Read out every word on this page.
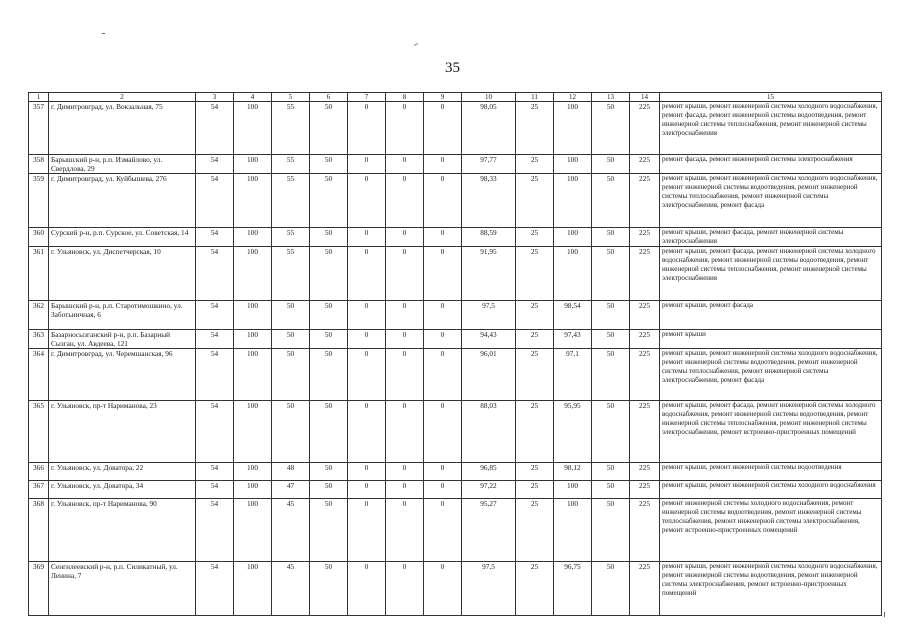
35
1	2	3	4	5	6	7	8	9	10	11	12	13	14	15
357	г. Димитровград, ул. Вокзальная, 75	54	100	55	50	0	0	0	98,05	25	100	50	225	ремонт крыши, ремонт инженерной системы холодного водоснабжения, ремонт фасада, ремонт инженерной системы водоотведения, ремонт инженерной системы теплоснабжения, ремонт инженерной системы электроснабжения
358	Барышский р-н, р.п. Измайлово, ул. Свердлова, 29	54	100	55	50	0	0	0	97,77	25	100	50	225	ремонт фасада, ремонт инженерной системы электроснабжения
359	г. Димитровград, ул. Куйбышева, 276	54	100	55	50	0	0	0	98,33	25	100	50	225	ремонт крыши, ремонт инженерной системы холодного водоснабжения, ремонт инженерной системы водоотведения, ремонт инженерной системы теплоснабжения, ремонт инженерной системы электроснабжения, ремонт фасада
360	Сурский р-н, р.п. Сурское, ул. Советская, 14	54	100	55	50	0	0	0	88,59	25	100	50	225	ремонт крыши, ремонт фасада, ремонт инженерной системы электроснабжения
361	г. Ульяновск, ул. Диспетчерская, 10	54	100	55	50	0	0	0	91,95	25	100	50	225	ремонт крыши, ремонт фасада, ремонт инженерной системы холодного водоснабжения, ремонт инженерной системы водоотведения, ремонт инженерной системы теплоснабжения, ремонт инженерной системы электроснабжения
362	Барышский р-н, р.п. Старотимошкино, ул. Заботьничная, 6	54	100	50	50	0	0	0	97,5	25	98,54	50	225	ремонт крыши, ремонт фасада
363	Базарносызганский р-н, р.п. Базарный Сызган, ул. Авдеева, 121	54	100	50	50	0	0	0	94,43	25	97,43	50	225	ремонт крыши
364	г. Димитровград, ул. Черемшанская, 96	54	100	50	50	0	0	0	96,01	25	97,1	50	225	ремонт крыши, ремонт инженерной системы холодного водоснабжения, ремонт инженерной системы водоотведения, ремонт инженерной системы теплоснабжения, ремонт инженерной системы электроснабжения, ремонт фасада
365	г. Ульяновск, пр-т Нариманова, 23	54	100	50	50	0	0	0	88,03	25	95,95	50	225	ремонт крыши, ремонт фасада, ремонт инженерной системы холодного водоснабжения, ремонт инженерной системы водоотведения, ремонт инженерной системы теплоснабжения, ремонт инженерной системы электроснабжения, ремонт встроенно-пристроенных помещений
366	г. Ульяновск, ул. Доватора, 22	54	100	48	50	0	0	0	96,85	25	98,12	50	225	ремонт крыши, ремонт инженерной системы водоотведения
367	г. Ульяновск, ул. Доватора, 34	54	100	47	50	0	0	0	97,22	25	100	50	225	ремонт крыши, ремонт инженерной системы холодного водоснабжения
368	г. Ульяновск, пр-т Нариманова, 90	54	100	45	50	0	0	0	95,27	25	100	50	225	ремонт инженерной системы холодного водоснабжения, ремонт инженерной системы водоотведения, ремонт инженерной системы теплоснабжения, ремонт инженерной системы электроснабжения, ремонт встроенно-пристроенных помещений
369	Сенгилеевский р-н, р.п. Силикатный, ул. Ленина, 7	54	100	45	50	0	0	0	97,5	25	96,75	50	225	ремонт крыши, ремонт инженерной системы холодного водоснабжения, ремонт инженерной системы водоотведения, ремонт инженерной системы электроснабжения, ремонт встроенно-пристроенных помещений
